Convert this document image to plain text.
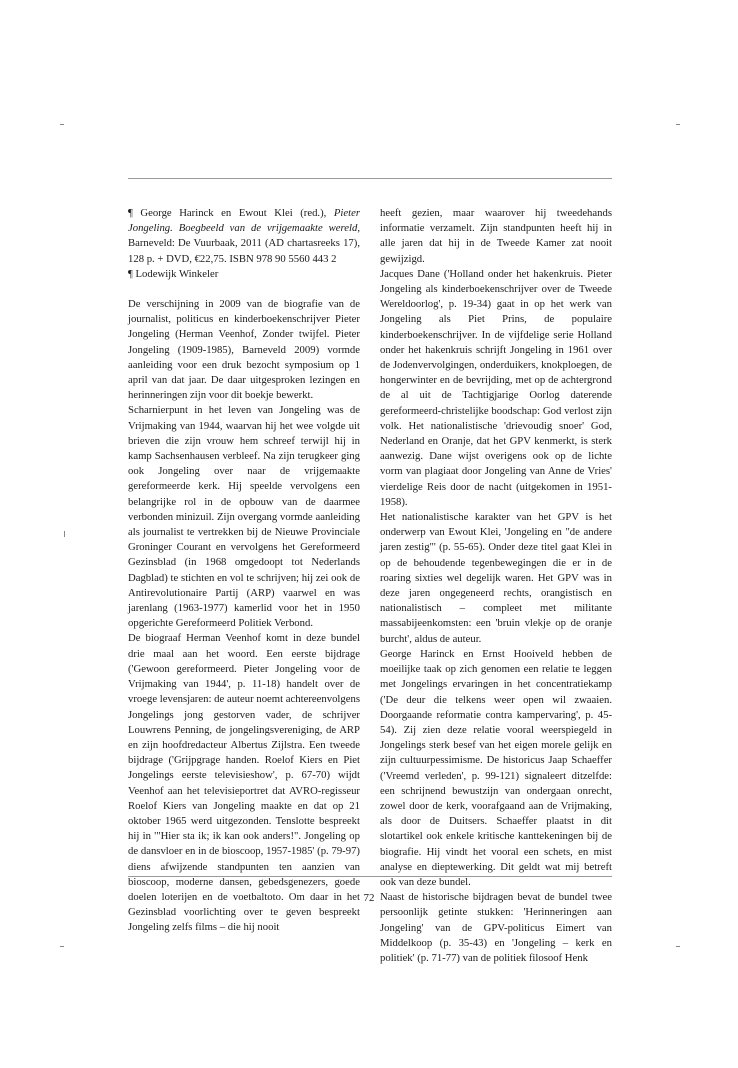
¶ George Harinck en Ewout Klei (red.), Pieter Jongeling. Boegbeeld van de vrijgemaakte wereld, Barneveld: De Vuurbaak, 2011 (AD chartasreeks 17), 128 p. + DVD, €22,75. ISBN 978 90 5560 443 2
¶ Lodewijk Winkeler

De verschijning in 2009 van de biografie van de journalist, politicus en kinderboekenschrijver Pieter Jongeling (Herman Veenhof, Zonder twijfel. Pieter Jongeling (1909-1985), Barneveld 2009) vormde aanleiding voor een druk bezocht symposium op 1 april van dat jaar. De daar uitgesproken lezingen en herinneringen zijn voor dit boekje bewerkt.

Scharnierpunt in het leven van Jongeling was de Vrijmaking van 1944, waarvan hij het wee volgde uit brieven die zijn vrouw hem schreef terwijl hij in kamp Sachsenhausen verbleef. Na zijn terugkeer ging ook Jongeling over naar de vrijgemaakte gereformeerde kerk. Hij speelde vervolgens een belangrijke rol in de opbouw van de daarmee verbonden minizuil. Zijn overgang vormde aanleiding als journalist te vertrekken bij de Nieuwe Provinciale Groninger Courant en vervolgens het Gereformeerd Gezinsblad (in 1968 omgedoopt tot Nederlands Dagblad) te stichten en vol te schrijven; hij zei ook de Antirevolutionaire Partij (ARP) vaarwel en was jarenlang (1963-1977) kamerlid voor het in 1950 opgerichte Gereformeerd Politiek Verbond.

De biograaf Herman Veenhof komt in deze bundel drie maal aan het woord. Een eerste bijdrage ('Gewoon gereformeerd. Pieter Jongeling voor de Vrijmaking van 1944', p. 11-18) handelt over de vroege levensjaren: de auteur noemt achtereenvolgens Jongelings jong gestorven vader, de schrijver Louwrens Penning, de jongelingsvereniging, de ARP en zijn hoofdredacteur Albertus Zijlstra. Een tweede bijdrage ('Grijpgrage handen. Roelof Kiers en Piet Jongelings eerste televisieshow', p. 67-70) wijdt Veenhof aan het televisieportret dat AVRO-regisseur Roelof Kiers van Jongeling maakte en dat op 21 oktober 1965 werd uitgezonden. Tenslotte bespreekt hij in '"Hier sta ik; ik kan ook anders!". Jongeling op de dansvloer en in de bioscoop, 1957-1985' (p. 79-97) diens afwijzende standpunten ten aanzien van bioscoop, moderne dansen, gebedsgenezers, goede doelen loterijen en de voetbaltoto. Om daar in het Gezinsblad voorlichting over te geven bespreekt Jongeling zelfs films – die hij nooit

heeft gezien, maar waarover hij tweedehands informatie verzamelt. Zijn standpunten heeft hij in alle jaren dat hij in de Tweede Kamer zat nooit gewijzigd.

Jacques Dane ('Holland onder het hakenkruis. Pieter Jongeling als kinderboekenschrijver over de Tweede Wereldoorlog', p. 19-34) gaat in op het werk van Jongeling als Piet Prins, de populaire kinderboekenschrijver. In de vijfdelige serie Holland onder het hakenkruis schrijft Jongeling in 1961 over de Jodenvervolgingen, onderduikers, knokploegen, de hongerwinter en de bevrijding, met op de achtergrond de al uit de Tachtigjarige Oorlog daterende gereformeerd-christelijke boodschap: God verlost zijn volk. Het nationalistische 'drievoudig snoer' God, Nederland en Oranje, dat het GPV kenmerkt, is sterk aanwezig. Dane wijst overigens ook op de lichte vorm van plagiaat door Jongeling van Anne de Vries' vierdelige Reis door de nacht (uitgekomen in 1951-1958).

Het nationalistische karakter van het GPV is het onderwerp van Ewout Klei, 'Jongeling en "de andere jaren zestig"' (p. 55-65). Onder deze titel gaat Klei in op de behoudende tegenbewegingen die er in de roaring sixties wel degelijk waren. Het GPV was in deze jaren ongegeneerd rechts, orangistisch en nationalistisch – compleet met militante massabijeenkomsten: een 'bruin vlekje op de oranje burcht', aldus de auteur.

George Harinck en Ernst Hooiveld hebben de moeilijke taak op zich genomen een relatie te leggen met Jongelings ervaringen in het concentratiekamp ('De deur die telkens weer open wil zwaaien. Doorgaande reformatie contra kampervaring', p. 45-54). Zij zien deze relatie vooral weerspiegeld in Jongelings sterk besef van het eigen morele gelijk en zijn cultuurpessimisme. De historicus Jaap Schaeffer ('Vreemd verleden', p. 99-121) signaleert ditzelfde: een schrijnend bewustzijn van ondergaan onrecht, zowel door de kerk, voorafgaand aan de Vrijmaking, als door de Duitsers. Schaeffer plaatst in dit slotartikel ook enkele kritische kanttekeningen bij de biografie. Hij vindt het vooral een schets, en mist analyse en dieptewerking. Dit geldt wat mij betreft ook van deze bundel.

Naast de historische bijdragen bevat de bundel twee persoonlijk getinte stukken: 'Herinneringen aan Jongeling' van de GPV-politicus Eimert van Middelkoop (p. 35-43) en 'Jongeling – kerk en politiek' (p. 71-77) van de politiek filosoof Henk

72
